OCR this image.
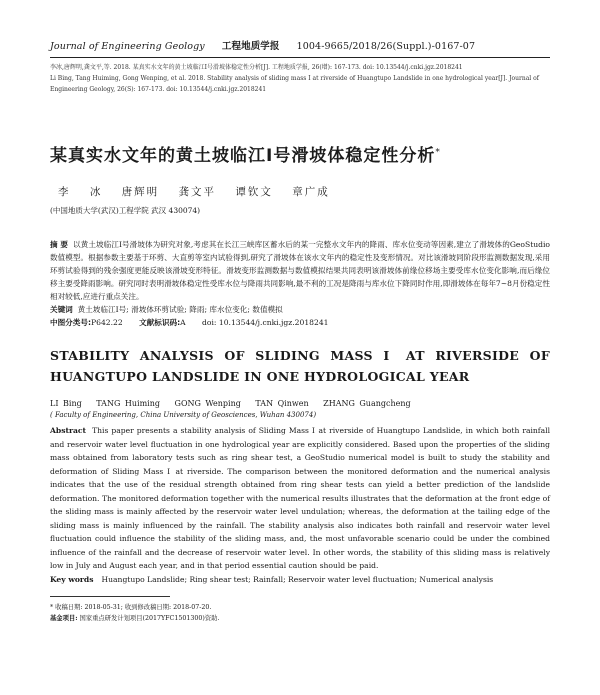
Journal of Engineering Geology 工程地质学报 1004-9665/2018/26(Suppl.)-0167-07

李冰,唐辉明,龚文平,等. 2018. 某真实水文年的黄土坡临江Ⅰ号滑坡体稳定性分析[J]. 工程地质学报, 26(增): 167-173. doi: 10.13544/j.cnki.jgz.2018241

Li Bing, Tang Huiming, Gong Wenping, et al. 2018. Stability analysis of sliding mass Ⅰ at riverside of Huangtupo Landslide in one hydrological year[J]. Journal of Engineering Geology, 26(S): 167-173. doi: 10.13544/j.cnki.jgz.2018241

某真实水文年的黄土坡临江Ⅰ号滑坡体稳定性分析*
李 冰 唐辉明 龚文平 谭钦文 章广成
(中国地质大学(武汉)工程学院 武汉 430074)
摘 要 以黄土坡临江Ⅰ号滑坡体为研究对象,考虑其在长江三峡库区蓄水后的某一完整水文年内的降雨、库水位变动等因素,建立了滑坡体的GeoStudio数值模型。根据参数主要基于环剪、大直剪等室内试验得到,研究了滑坡体在该水文年内的稳定性及变形情况。对比该滑坡同阶段形监测数据发现,采用环剪试验得到的残余强度更能反映该滑坡变形特征。滑坡变形监测数据与数值模拟结果共同表明该滑坡体前缘位移场主要受库水位变化影响,而后缘位移主要受降雨影响。研究同时表明滑坡体稳定性受库水位与降雨共同影响,最不利的工况是降雨与库水位下降同时作用,即滑坡体在每年7~8月份稳定性相对较低,应进行重点关注。
关键词 黄土坡临江Ⅰ号; 滑坡体环剪试验; 降雨; 库水位变化; 数值模拟
中图分类号:P642.22 文献标识码:A doi: 10.13544/j.cnki.jgz.2018241
STABILITY ANALYSIS OF SLIDING MASS Ⅰ AT RIVERSIDE OF HUANGTUPO LANDSLIDE IN ONE HYDROLOGICAL YEAR
LI Bing TANG Huiming GONG Wenping TAN Qinwen ZHANG Guangcheng
( Faculty of Engineering, China University of Geosciences, Wuhan 430074)
Abstract This paper presents a stability analysis of Sliding Mass Ⅰ at riverside of Huangtupo Landslide, in which both rainfall and reservoir water level fluctuation in one hydrological year are explicitly considered. Based upon the properties of the sliding mass obtained from laboratory tests such as ring shear test, a GeoStudio numerical model is built to study the stability and deformation of Sliding Mass Ⅰ at riverside. The comparison between the monitored deformation and the numerical analysis indicates that the use of the residual strength obtained from ring shear tests can yield a better prediction of the landslide deformation. The monitored deformation together with the numerical results illustrates that the deformation at the front edge of the sliding mass is mainly affected by the reservoir water level undulation; whereas, the deformation at the tailing edge of the sliding mass is mainly influenced by the rainfall. The stability analysis also indicates both rainfall and reservoir water level fluctuation could influence the stability of the sliding mass, and, the most unfavorable scenario could be under the combined influence of the rainfall and the decrease of reservoir water level. In other words, the stability of this sliding mass is relatively low in July and August each year, and in that period essential caution should be paid.
Key words Huangtupo Landslide; Ring shear test; Rainfall; Reservoir water level fluctuation; Numerical analysis

* 收稿日期: 2018-05-31; 收到修改稿日期: 2018-07-20.

基金项目: 国家重点研发计划项目(2017YFC1501300)资助.
